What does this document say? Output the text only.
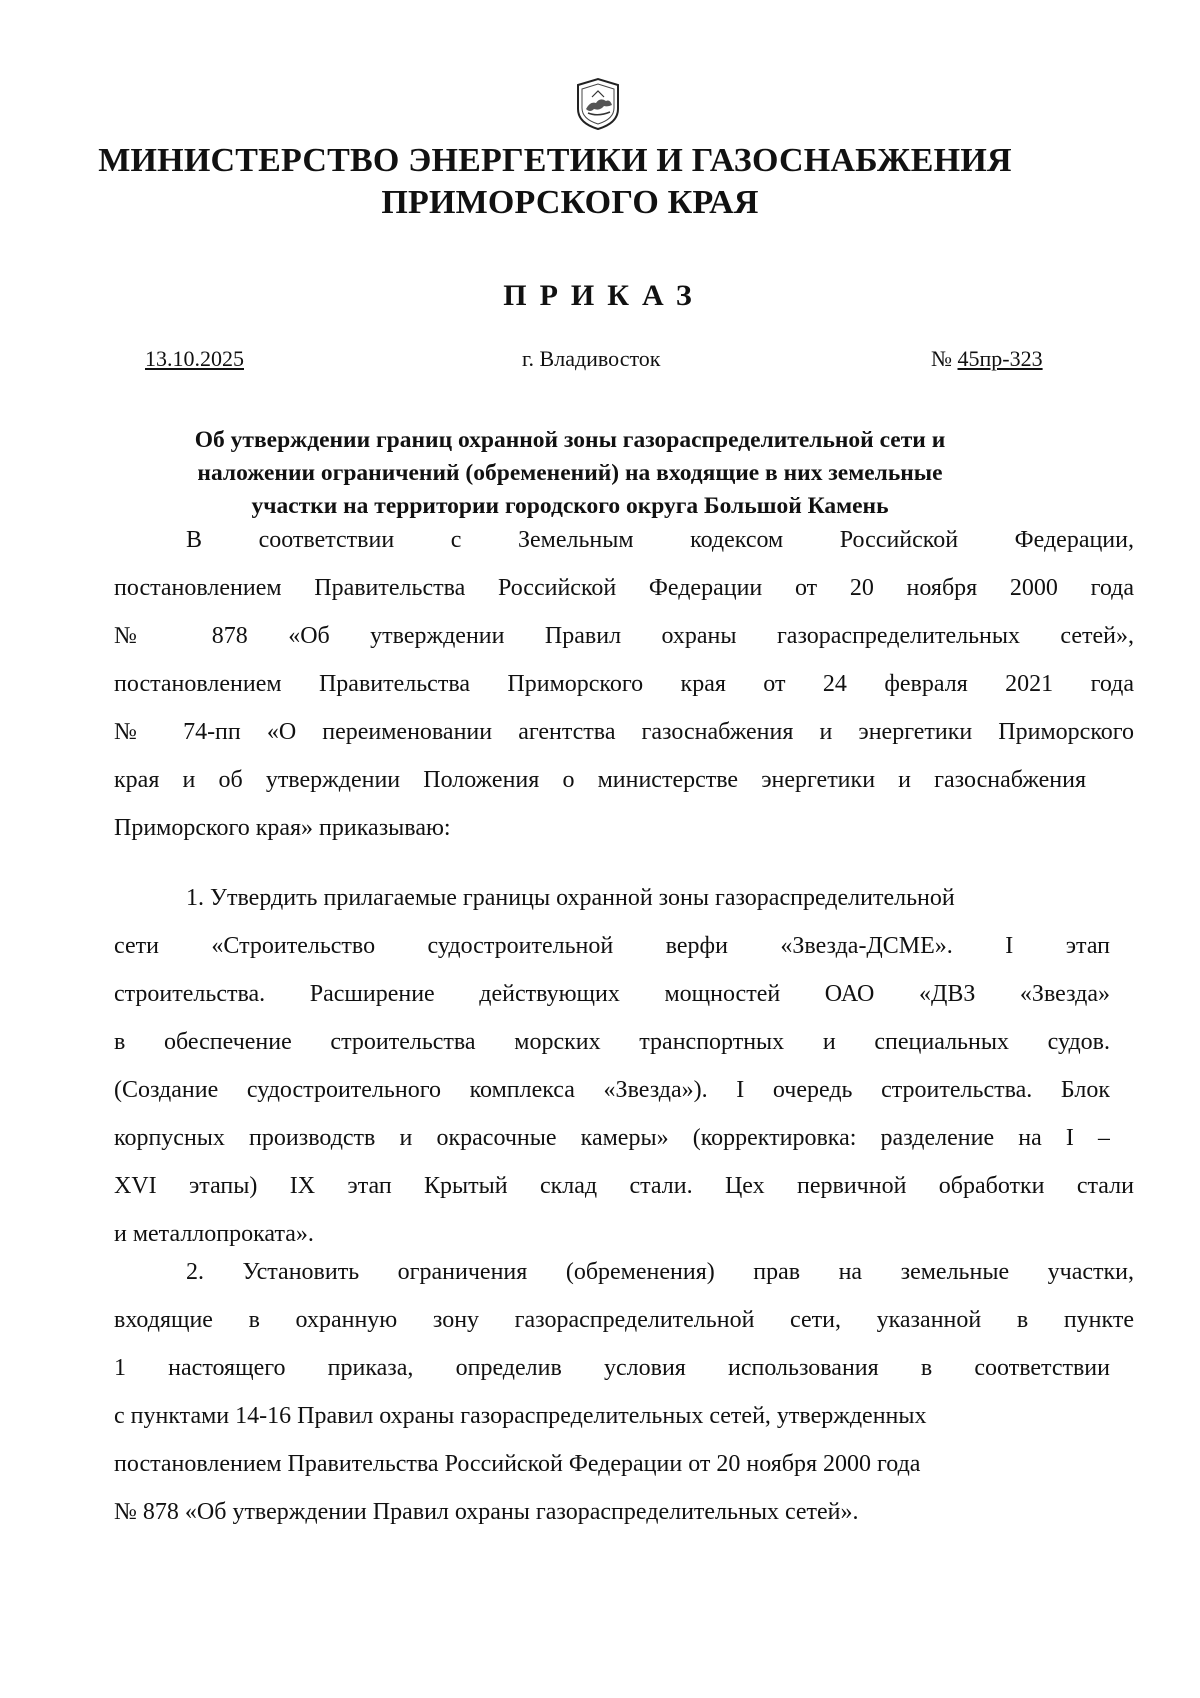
МИНИСТЕРСТВО ЭНЕРГЕТИКИ И ГАЗОСНАБЖЕНИЯ
ПРИМОРСКОГО КРАЯ
ПРИКАЗ
13.10.2025	г. Владивосток	№ 45пр-323
Об утверждении границ охранной зоны газораспределительной сети и
наложении ограничений (обременений) на входящие в них земельные
участки на территории городского округа Большой Камень
В соответствии с Земельным кодексом Российской Федерации,
постановлением Правительства Российской Федерации от 20 ноября 2000 года
№ 878 «Об утверждении Правил охраны газораспределительных сетей»,
постановлением Правительства Приморского края от 24 февраля 2021 года
№ 74-пп «О переименовании агентства газоснабжения и энергетики Приморского
края и об утверждении Положения о министерстве энергетики и газоснабжения
Приморского края» приказываю:
1. Утвердить прилагаемые границы охранной зоны газораспределительной
сети «Строительство судостроительной верфи «Звезда-ДСМЕ». I этап
строительства. Расширение действующих мощностей ОАО «ДВЗ «Звезда»
в обеспечение строительства морских транспортных и специальных судов.
(Создание судостроительного комплекса «Звезда»). I очередь строительства. Блок
корпусных производств и окрасочные камеры» (корректировка: разделение на I –
XVI этапы) IX этап Крытый склад стали. Цех первичной обработки стали
и металлопроката».
2. Установить ограничения (обременения) прав на земельные участки,
входящие в охранную зону газораспределительной сети, указанной в пункте
1 настоящего приказа, определив условия использования в соответствии
с пунктами 14-16 Правил охраны газораспределительных сетей, утвержденных
постановлением Правительства Российской Федерации от 20 ноября 2000 года
№ 878 «Об утверждении Правил охраны газораспределительных сетей».
